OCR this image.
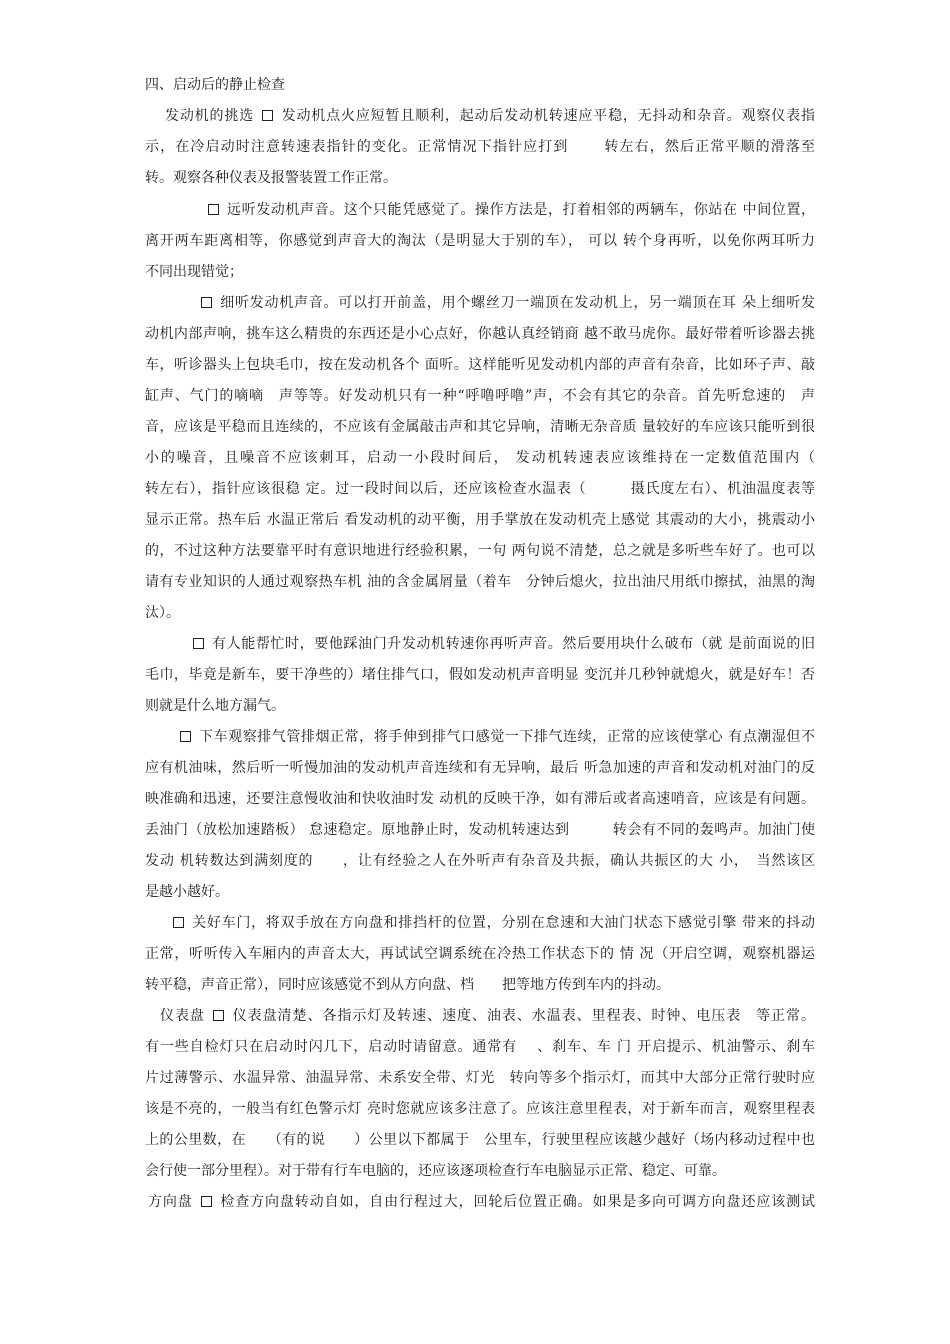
四、启动后的静止检查
发动机的挑选  发动机点火应短暂且顺利，起动后发动机转速应平稳，无抖动和杂音。观察仪表指
示，在冷启动时注意转速表指针的变化。正常情况下指针应打到　　 转左右，然后正常平顺的滑落至
转。观察各种仪表及报警装置工作正常。
远听发动机声音。这个只能凭感觉了。操作方法是，打着相邻的两辆车，你站在 中间位置，
离开两车距离相等，你感觉到声音大的淘汰（是明显大于别的车）， 可以 转个身再听，以免你两耳听力
不同出现错觉；
细听发动机声音。可以打开前盖，用个螺丝刀一端顶在发动机上，另一端顶在耳 朵上细听发
动机内部声响，挑车这么精贵的东西还是小心点好，你越认真经销商 越不敢马虎你。最好带着听诊器去挑
车，听诊器头上包块毛巾，按在发动机各个 面听。这样能听见发动机内部的声音有杂音，比如环子声、敲
缸声、气门的嘀嘀　声等等。好发动机只有一种“呼噜呼噜”声，不会有其它的杂音。首先听怠速的　声
音，应该是平稳而且连续的，不应该有金属敲击声和其它异响，清晰无杂音质 量较好的车应该只能听到很
小的噪音，且噪音不应该刺耳，启动一小段时间后， 发动机转速表应该维持在一定数值范围内（
转左右），指针应该很稳 定。过一段时间以后，还应该检查水温表（　　　摄氏度左右）、机油温度表等
显示正常。热车后 水温正常后 看发动机的动平衡，用手掌放在发动机壳上感觉 其震动的大小，挑震动小
的，不过这种方法要靠平时有意识地进行经验积累，一句 两句说不清楚，总之就是多听些车好了。也可以
请有专业知识的人通过观察热车机 油的含金属屑量（着车　分钟后熄火，拉出油尺用纸巾擦拭，油黑的淘
汰）。
有人能帮忙时，要他踩油门升发动机转速你再听声音。然后要用块什么破布（就 是前面说的旧
毛巾，毕竟是新车，要干净些的）堵住排气口，假如发动机声音明显 变沉并几秒钟就熄火，就是好车！否
则就是什么地方漏气。
下车观察排气管排烟正常，将手伸到排气口感觉一下排气连续，正常的应该使掌心 有点潮湿但不
应有机油味，然后听一听慢加油的发动机声音连续和有无异响，最后 听急加速的声音和发动机对油门的反
映准确和迅速，还要注意慢收油和快收油时发 动机的反映干净，如有滞后或者高速哨音，应该是有问题。
丢油门（放松加速踏板） 怠速稳定。原地静止时，发动机转速达到　　　转会有不同的轰鸣声。加油门使
发动 机转数达到满刻度的　　，让有经验之人在外听声有杂音及共振，确认共振区的大 小，　当然该区
是越小越好。
关好车门，将双手放在方向盘和排挡杆的位置，分别在怠速和大油门状态下感觉引擎 带来的抖动
正常，听听传入车厢内的声音太大，再试试空调系统在冷热工作状态下的 情 况（开启空调，观察机器运
转平稳，声音正常），同时应该感觉不到从方向盘、档　　把等地方传到车内的抖动。
仪表盘  仪表盘清楚、各指示灯及转速、速度、油表、水温表、里程表、时钟、电压表　等正常。
有一些自检灯只在启动时闪几下，启动时请留意。通常有　 、刹车、车 门 开启提示、机油警示、刹车
片过薄警示、水温异常、油温异常、未系安全带、灯光　转向等多个指示灯，而其中大部分正常行驶时应
该是不亮的，一般当有红色警示灯 亮时您就应该多注意了。应该注意里程表，对于新车而言，观察里程表
上的公里数，在　　（有的说　　）公里以下都属于　公里车，行驶里程应该越少越好（场内移动过程中也
会行使一部分里程）。对于带有行车电脑的，还应该逐项检查行车电脑显示正常、稳定、可靠。
方向盘  检查方向盘转动自如，自由行程过大，回轮后位置正确。如果是多向可调方向盘还应该测试
